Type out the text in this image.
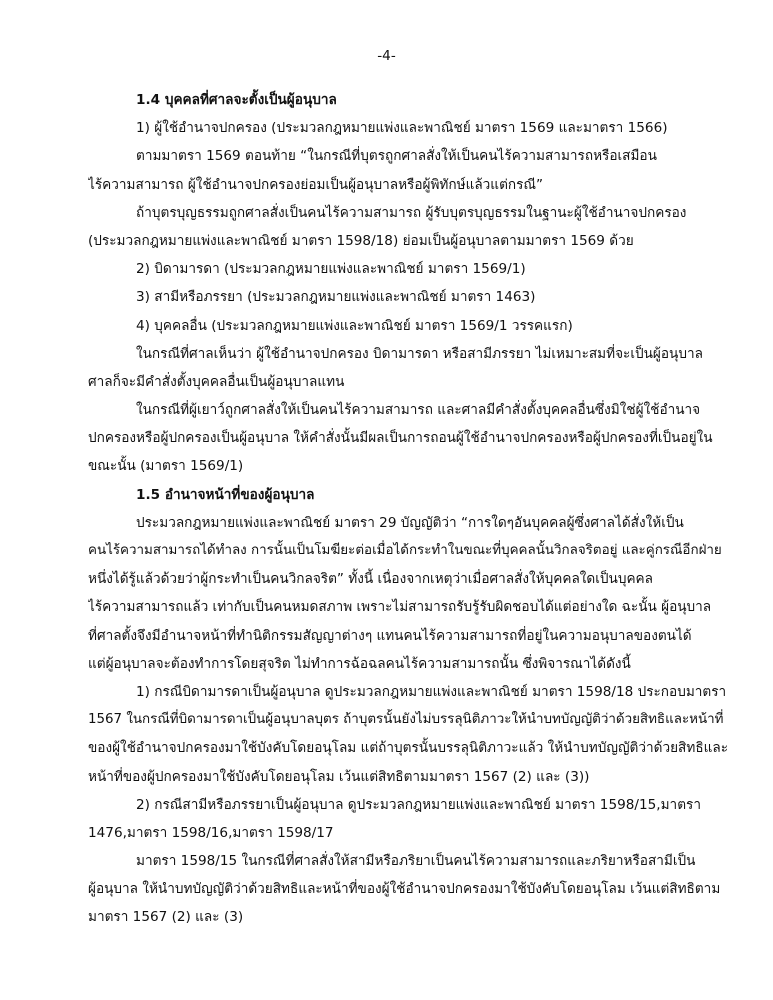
-4-
1.4 บุคคลที่ศาลจะตั้งเป็นผู้อนุบาล
1) ผู้ใช้อำนาจปกครอง (ประมวลกฎหมายแพ่งและพาณิชย์ มาตรา 1569 และมาตรา 1566)
ตามมาตรา 1569 ตอนท้าย “ในกรณีที่บุตรถูกศาลสั่งให้เป็นคนไร้ความสามารถหรือเสมือน
ไร้ความสามารถ ผู้ใช้อำนาจปกครองย่อมเป็นผู้อนุบาลหรือผู้พิทักษ์แล้วแต่กรณี”
ถ้าบุตรบุญธรรมถูกศาลสั่งเป็นคนไร้ความสามารถ ผู้รับบุตรบุญธรรมในฐานะผู้ใช้อำนาจปกครอง
(ประมวลกฎหมายแพ่งและพาณิชย์ มาตรา 1598/18) ย่อมเป็นผู้อนุบาลตามมาตรา 1569 ด้วย
2) บิดามารดา (ประมวลกฎหมายแพ่งและพาณิชย์ มาตรา 1569/1)
3) สามีหรือภรรยา (ประมวลกฎหมายแพ่งและพาณิชย์ มาตรา 1463)
4) บุคคลอื่น (ประมวลกฎหมายแพ่งและพาณิชย์ มาตรา 1569/1 วรรคแรก)
ในกรณีที่ศาลเห็นว่า ผู้ใช้อำนาจปกครอง บิดามารดา หรือสามีภรรยา ไม่เหมาะสมที่จะเป็นผู้อนุบาล
ศาลก็จะมีคำสั่งตั้งบุคคลอื่นเป็นผู้อนุบาลแทน
ในกรณีที่ผู้เยาว์ถูกศาลสั่งให้เป็นคนไร้ความสามารถ และศาลมีคำสั่งตั้งบุคคลอื่นซึ่งมิใช่ผู้ใช้อำนาจ
ปกครองหรือผู้ปกครองเป็นผู้อนุบาล ให้คำสั่งนั้นมีผลเป็นการถอนผู้ใช้อำนาจปกครองหรือผู้ปกครองที่เป็นอยู่ใน
ขณะนั้น (มาตรา 1569/1)
1.5 อำนาจหน้าที่ของผู้อนุบาล
ประมวลกฎหมายแพ่งและพาณิชย์ มาตรา 29 บัญญัติว่า “การใดๆอันบุคคลผู้ซึ่งศาลได้สั่งให้เป็น
คนไร้ความสามารถได้ทำลง การนั้นเป็นโมฆียะต่อเมื่อได้กระทำในขณะที่บุคคลนั้นวิกลจริตอยู่ และคู่กรณีอีกฝ่าย
หนึ่งได้รู้แล้วด้วยว่าผู้กระทำเป็นคนวิกลจริต” ทั้งนี้ เนื่องจากเหตุว่าเมื่อศาลสั่งให้บุคคลใดเป็นบุคคล
ไร้ความสามารถแล้ว เท่ากับเป็นคนหมดสภาพ เพราะไม่สามารถรับรู้รับผิดชอบได้แต่อย่างใด ฉะนั้น ผู้อนุบาล
ที่ศาลตั้งจึงมีอำนาจหน้าที่ทำนิติกรรมสัญญาต่างๆ แทนคนไร้ความสามารถที่อยู่ในความอนุบาลของตนได้
แต่ผู้อนุบาลจะต้องทำการโดยสุจริต ไม่ทำการฉ้อฉลคนไร้ความสามารถนั้น ซึ่งพิจารณาได้ดังนี้
1) กรณีบิดามารดาเป็นผู้อนุบาล ดูประมวลกฎหมายแพ่งและพาณิชย์ มาตรา 1598/18 ประกอบมาตรา
1567 ในกรณีที่บิดามารดาเป็นผู้อนุบาลบุตร ถ้าบุตรนั้นยังไม่บรรลุนิติภาวะให้นำบทบัญญัติว่าด้วยสิทธิและหน้าที่
ของผู้ใช้อำนาจปกครองมาใช้บังคับโดยอนุโลม แต่ถ้าบุตรนั้นบรรลุนิติภาวะแล้ว ให้นำบทบัญญัติว่าด้วยสิทธิและ
หน้าที่ของผู้ปกครองมาใช้บังคับโดยอนุโลม เว้นแต่สิทธิตามมาตรา 1567 (2) และ (3))
2) กรณีสามีหรือภรรยาเป็นผู้อนุบาล ดูประมวลกฎหมายแพ่งและพาณิชย์ มาตรา 1598/15,มาตรา
1476,มาตรา 1598/16,มาตรา 1598/17
มาตรา 1598/15 ในกรณีที่ศาลสั่งให้สามีหรือภริยาเป็นคนไร้ความสามารถและภริยาหรือสามีเป็น
ผู้อนุบาล ให้นำบทบัญญัติว่าด้วยสิทธิและหน้าที่ของผู้ใช้อำนาจปกครองมาใช้บังคับโดยอนุโลม เว้นแต่สิทธิตาม
มาตรา 1567 (2) และ (3)
